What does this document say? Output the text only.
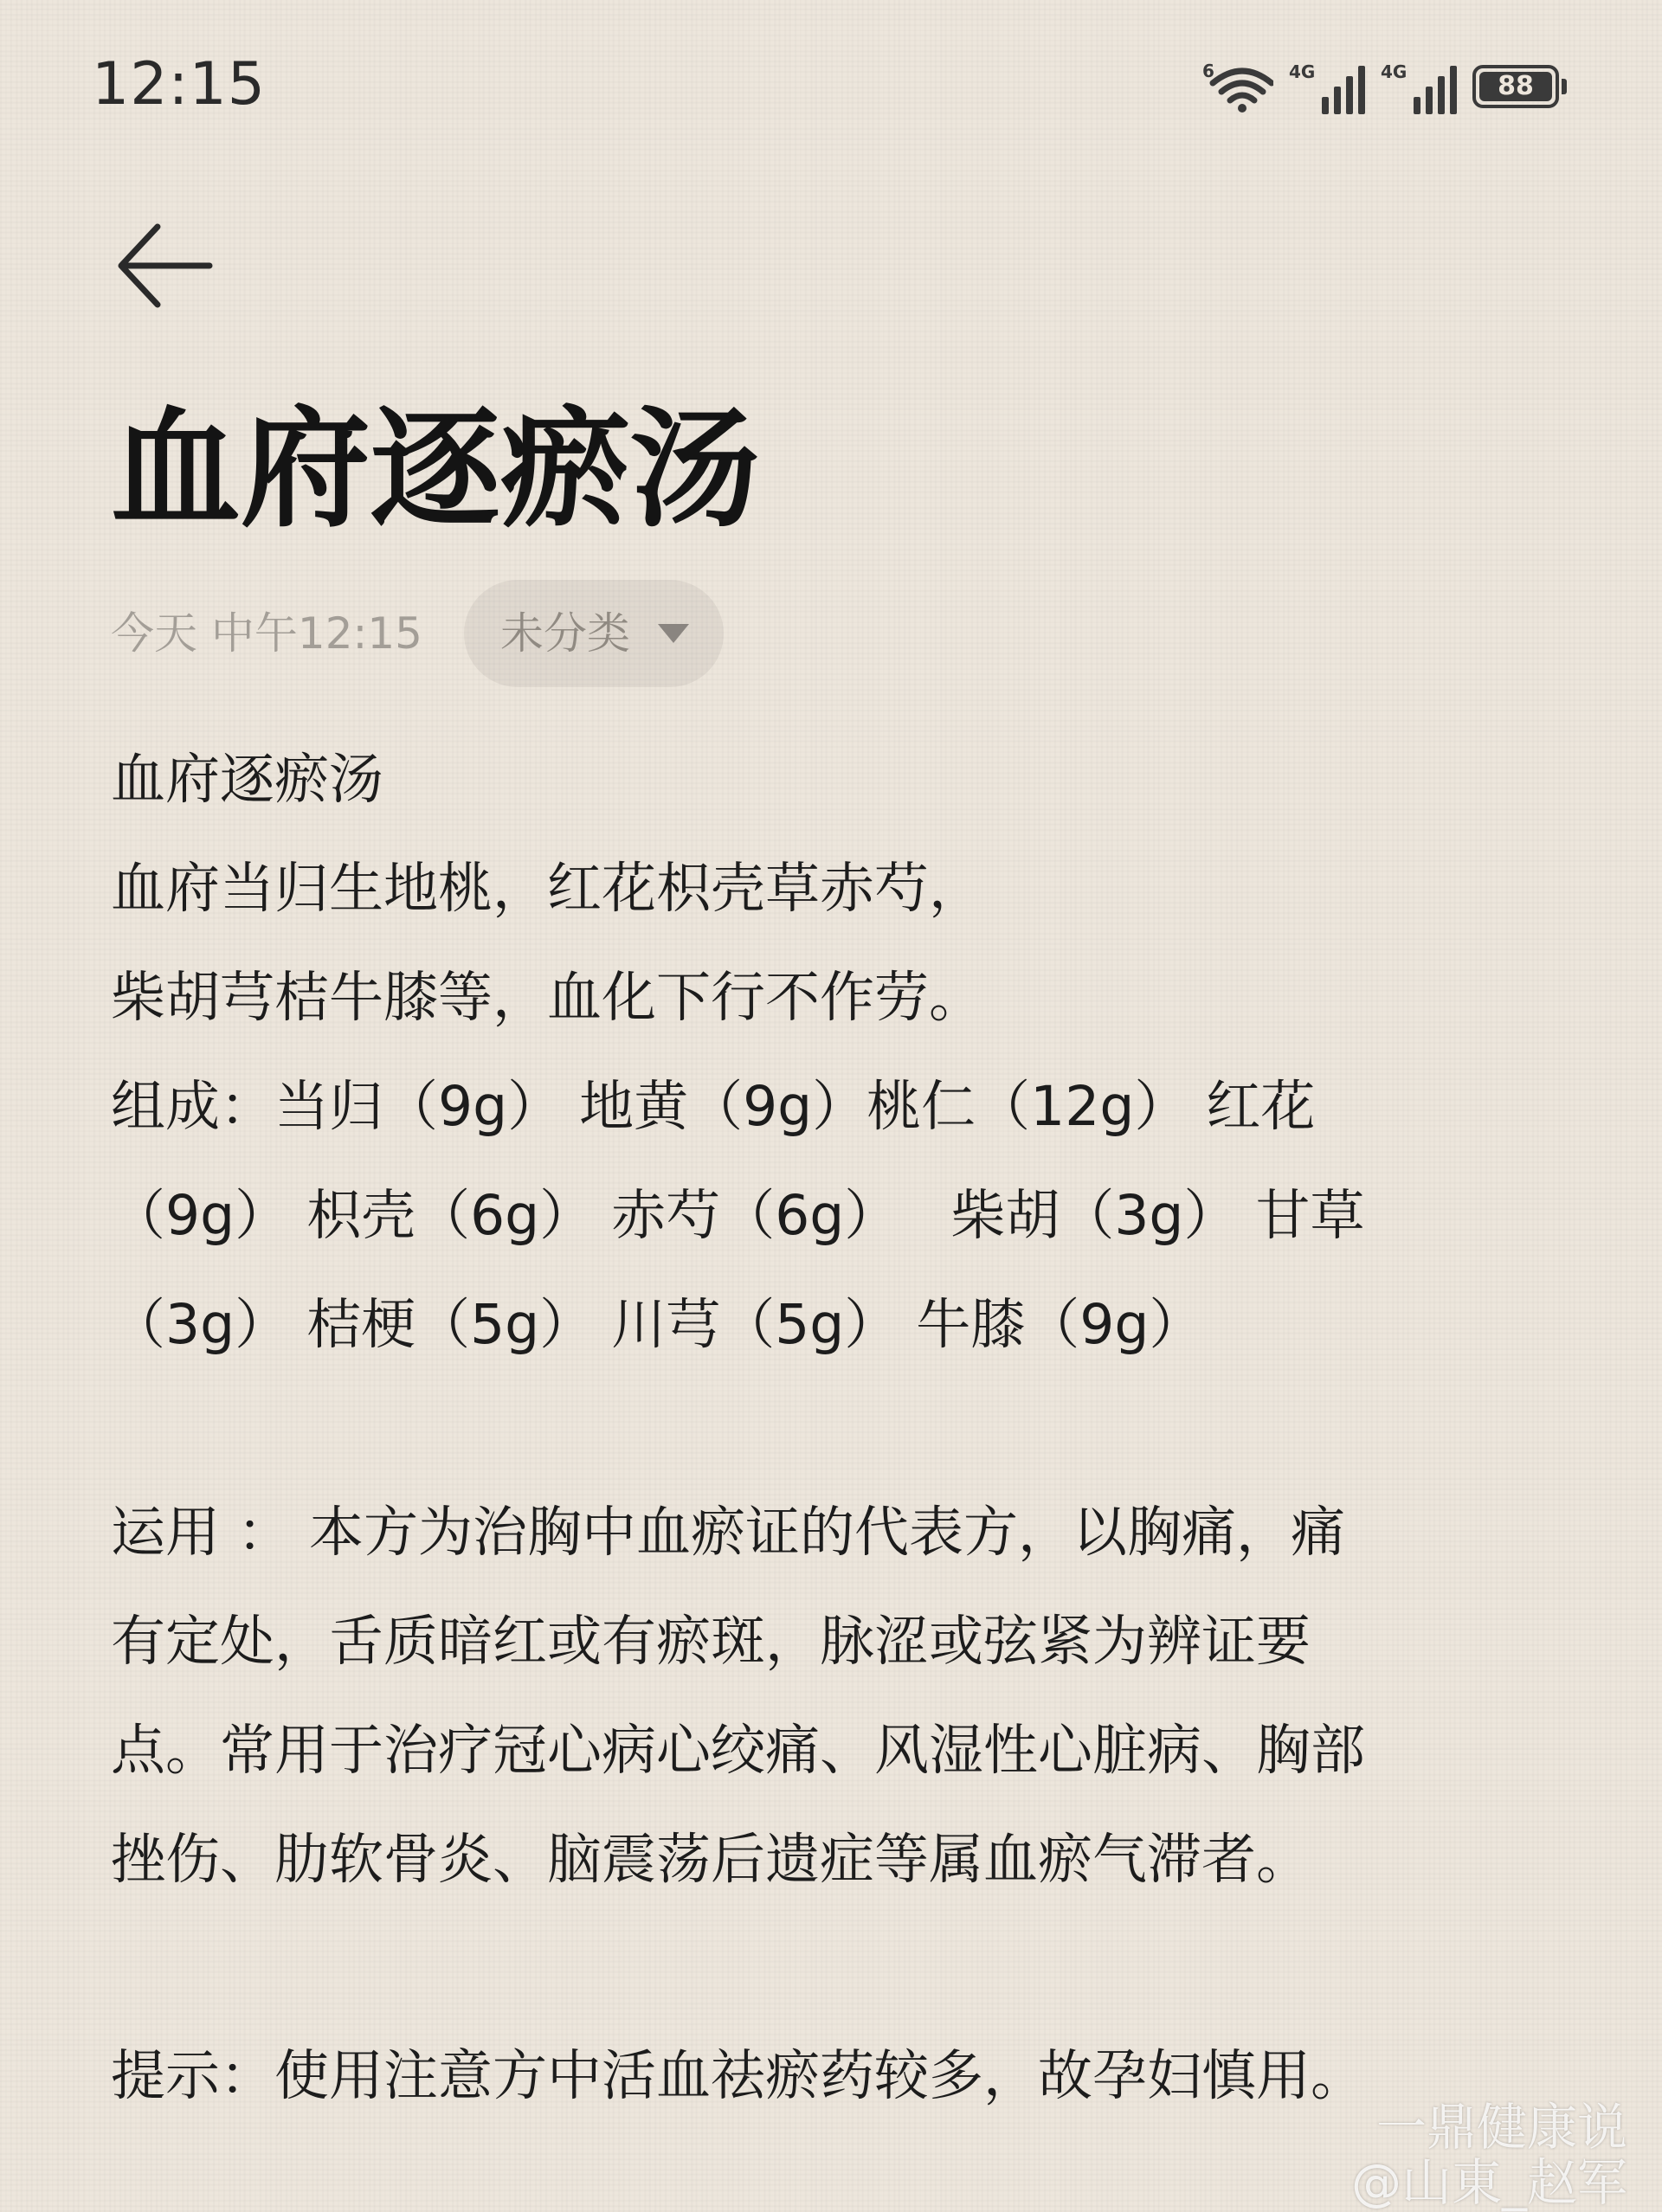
12:15	6	4G	4G	88
血府逐瘀汤
今天 中午12:15 未分类
血府逐瘀汤
血府当归生地桃，红花枳壳草赤芍，
柴胡芎桔牛膝等，血化下行不作劳。
组成：当归（9g） 地黄（9g）桃仁（12g） 红花
（9g） 枳壳（6g） 赤芍（6g）   柴胡（3g） 甘草
（3g） 桔梗（5g） 川芎（5g） 牛膝（9g）
运用 ： 本方为治胸中血瘀证的代表方，以胸痛，痛
有定处，舌质暗红或有瘀斑，脉涩或弦紧为辨证要
点。常用于治疗冠心病心绞痛、风湿性心脏病、胸部
挫伤、肋软骨炎、脑震荡后遗症等属血瘀气滞者。
提示：使用注意方中活血祛瘀药较多，故孕妇慎用。
一鼎健康说
@山東_赵军
